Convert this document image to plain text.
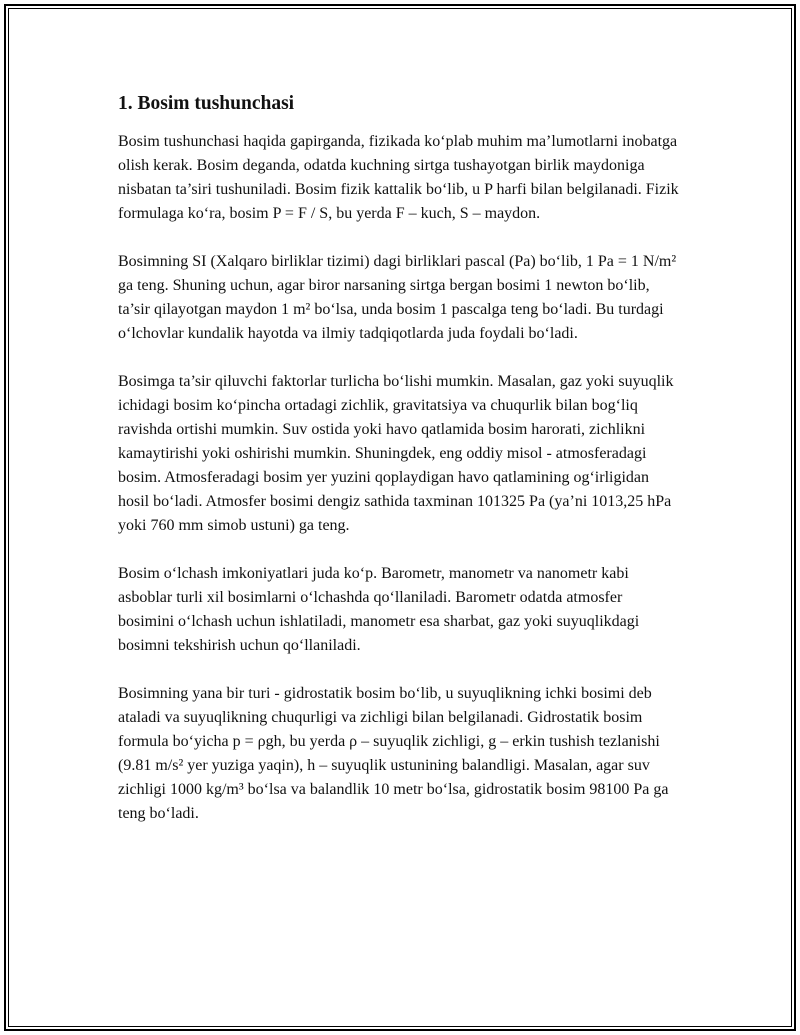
1. Bosim tushunchasi

Bosim tushunchasi haqida gapirganda, fizikada ko‘plab muhim ma’lumotlarni inobatga olish kerak. Bosim deganda, odatda kuchning sirtga tushayotgan birlik maydoniga nisbatan ta’siri tushuniladi. Bosim fizik kattalik bo‘lib, u P harfi bilan belgilanadi. Fizik formulaga ko‘ra, bosim P = F / S, bu yerda F – kuch, S – maydon.

Bosimning SI (Xalqaro birliklar tizimi) dagi birliklari pascal (Pa) bo‘lib, 1 Pa = 1 N/m² ga teng. Shuning uchun, agar biror narsaning sirtga bergan bosimi 1 newton bo‘lib, ta’sir qilayotgan maydon 1 m² bo‘lsa, unda bosim 1 pascalga teng bo‘ladi. Bu turdagi o‘lchovlar kundalik hayotda va ilmiy tadqiqotlarda juda foydali bo‘ladi.

Bosimga ta’sir qiluvchi faktorlar turlicha bo‘lishi mumkin. Masalan, gaz yoki suyuqlik ichidagi bosim ko‘pincha ortadagi zichlik, gravitatsiya va chuqurlik bilan bog‘liq ravishda ortishi mumkin. Suv ostida yoki havo qatlamida bosim harorati, zichlikni kamaytirishi yoki oshirishi mumkin. Shuningdek, eng oddiy misol - atmosferadagi bosim. Atmosferadagi bosim yer yuzini qoplaydigan havo qatlamining og‘irligidan hosil bo‘ladi. Atmosfer bosimi dengiz sathida taxminan 101325 Pa (ya’ni 1013,25 hPa yoki 760 mm simob ustuni) ga teng.

Bosim o‘lchash imkoniyatlari juda ko‘p. Barometr, manometr va nanometr kabi asboblar turli xil bosimlarni o‘lchashda qo‘llaniladi. Barometr odatda atmosfer bosimini o‘lchash uchun ishlatiladi, manometr esa sharbat, gaz yoki suyuqlikdagi bosimni tekshirish uchun qo‘llaniladi.

Bosimning yana bir turi - gidrostatik bosim bo‘lib, u suyuqlikning ichki bosimi deb ataladi va suyuqlikning chuqurligi va zichligi bilan belgilanadi. Gidrostatik bosim formula bo‘yicha p = ρgh, bu yerda ρ – suyuqlik zichligi, g – erkin tushish tezlanishi (9.81 m/s² yer yuziga yaqin), h – suyuqlik ustunining balandligi. Masalan, agar suv zichligi 1000 kg/m³ bo‘lsa va balandlik 10 metr bo‘lsa, gidrostatik bosim 98100 Pa ga teng bo‘ladi.
